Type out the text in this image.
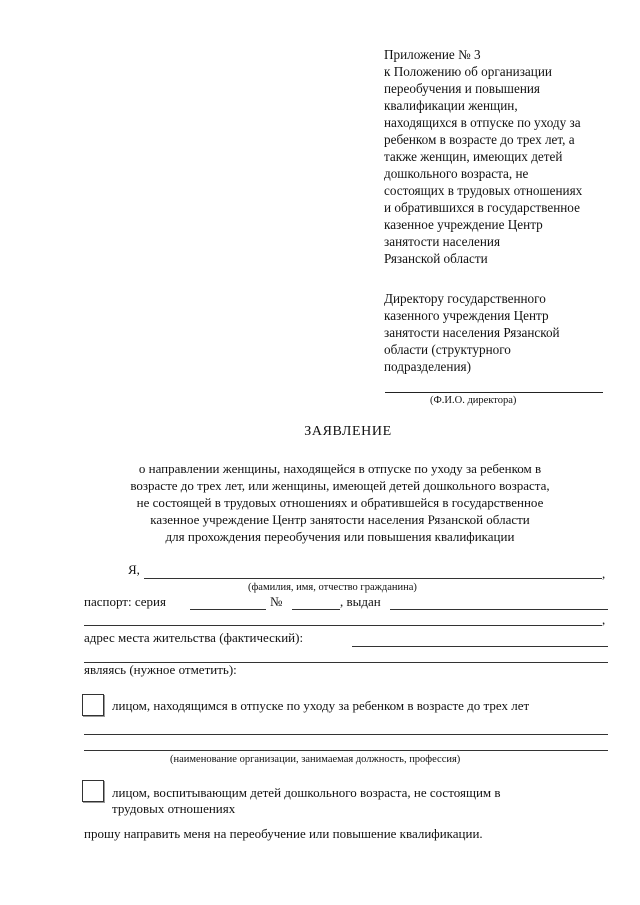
Приложение № 3
к Положению об организации
переобучения и повышения
квалификации женщин,
находящихся в отпуске по уходу за
ребенком в возрасте до трех лет, а
также женщин, имеющих детей
дошкольного возраста, не
состоящих в трудовых отношениях
и обратившихся в государственное
казенное учреждение Центр
занятости населения
Рязанской области
Директору государственного
казенного учреждения Центр
занятости населения Рязанской
области (структурного
подразделения)
(Ф.И.О. директора)
ЗАЯВЛЕНИЕ
о направлении женщины, находящейся в отпуске по уходу за ребенком в
возрасте до трех лет, или женщины, имеющей детей дошкольного возраста,
не состоящей в трудовых отношениях и обратившейся в государственное
казенное учреждение Центр занятости населения Рязанской области
для прохождения переобучения или повышения квалификации
Я,	,
(фамилия, имя, отчество гражданина)
паспорт: серия	№	, выдан
,
адрес места жительства (фактический):
являясь (нужное отметить):
лицом, находящимся в отпуске по уходу за ребенком в возрасте до трех лет
(наименование организации, занимаемая должность, профессия)
лицом, воспитывающим детей дошкольного возраста, не состоящим в
трудовых отношениях
прошу направить меня на переобучение или повышение квалификации.
